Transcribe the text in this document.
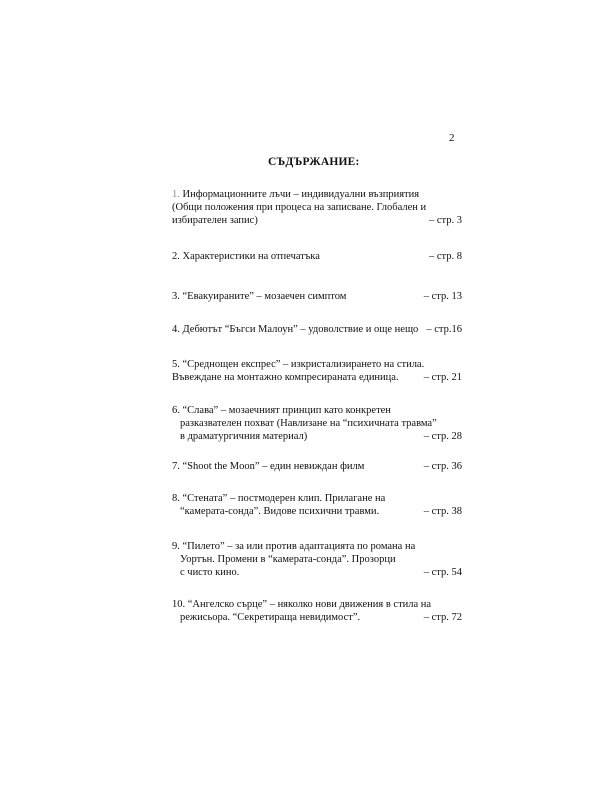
2
СЪДЪРЖАНИЕ:
1. Информационните лъчи – индивидуални възприятия
(Общи положения при процеса на записване. Глобален и
избирателен запис)	– стр. 3
2. Характеристики на отпечатъка	– стр. 8
3. “Евакуираните” – мозаечен симптом	– стр. 13
4. Дебютът “Бъгси Малоун” – удоволствие и още нещо – стр.16
5. “Среднощен експрес” – изкристализирането на стила.
Въвеждане на монтажно компресираната единица.	– стр. 21
6. “Слава” – мозаечният принцип като конкретен
разказвателен похват (Навлизане на “психичната травма”
в драматургичния материал)	– стр. 28
7. “Shoot the Moon” – един невиждан филм	– стр. 36
8. “Стената” – постмодерен клип. Прилагане на
“камерата-сонда”. Видове психични травми.	– стр. 38
9. “Пилето” – за или против адаптацията по романа на
Уортън. Промени в “камерата-сонда”. Прозорци
с чисто кино.	– стр. 54
10. “Ангелско сърце” – няколко нови движения в стила на
режисьора. “Секретираща невидимост”.	– стр. 72
